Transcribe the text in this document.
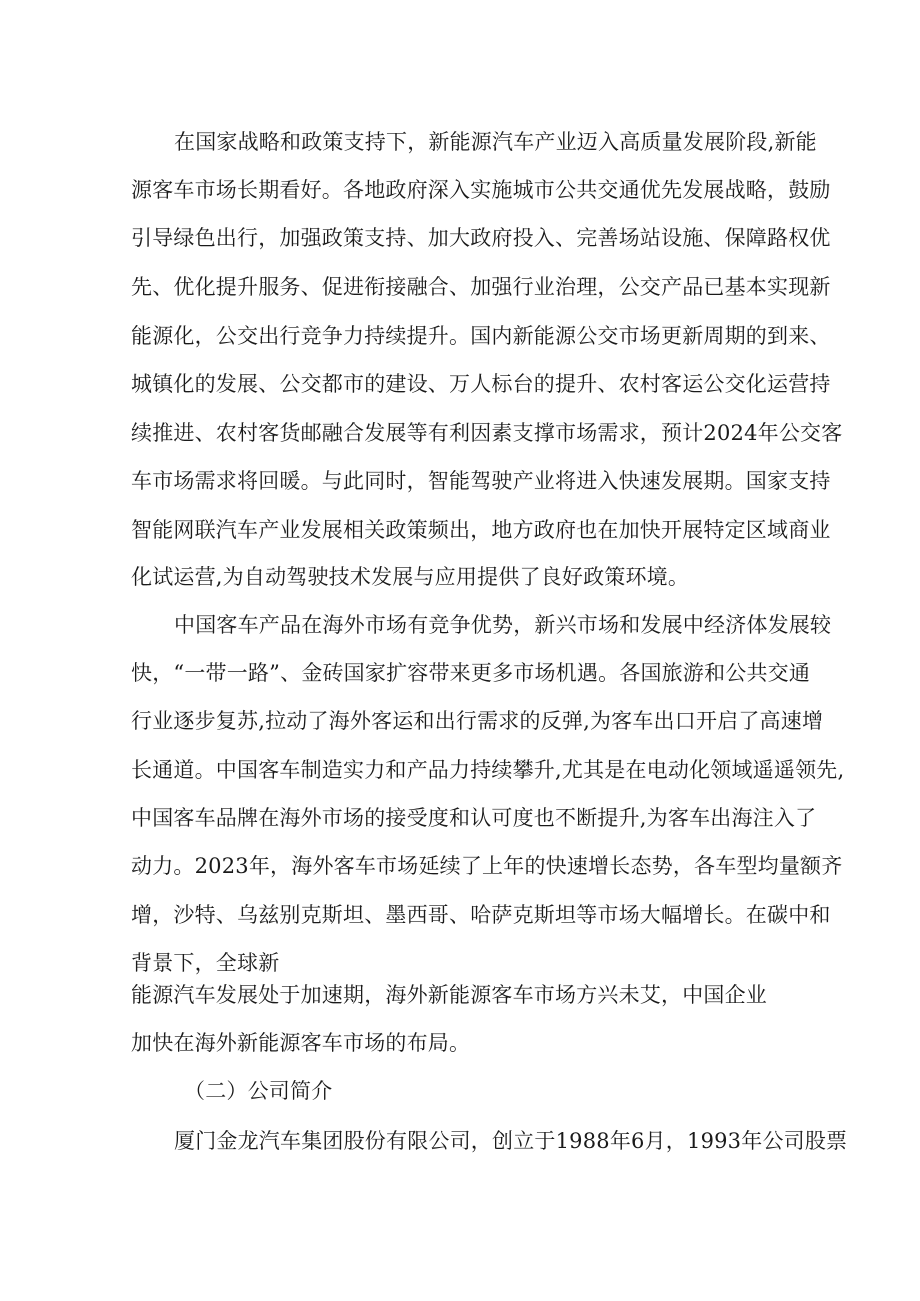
在国家战略和政策支持下，新能源汽车产业迈入高质量发展阶段,新能

源客车市场长期看好。各地政府深入实施城市公共交通优先发展战略，鼓励

引导绿色出行，加强政策支持、加大政府投入、完善场站设施、保障路权优

先、优化提升服务、促进衔接融合、加强行业治理，公交产品已基本实现新

能源化，公交出行竞争力持续提升。国内新能源公交市场更新周期的到来、

城镇化的发展、公交都市的建设、万人标台的提升、农村客运公交化运营持

续推进、农村客货邮融合发展等有利因素支撑市场需求，预计2024年公交客

车市场需求将回暖。与此同时，智能驾驶产业将进入快速发展期。国家支持

智能网联汽车产业发展相关政策频出，地方政府也在加快开展特定区域商业

化试运营,为自动驾驶技术发展与应用提供了良好政策环境。

中国客车产品在海外市场有竞争优势，新兴市场和发展中经济体发展较

快，“一带一路”、金砖国家扩容带来更多市场机遇。各国旅游和公共交通

行业逐步复苏,拉动了海外客运和出行需求的反弹,为客车出口开启了高速增

长通道。中国客车制造实力和产品力持续攀升,尤其是在电动化领域遥遥领先,

中国客车品牌在海外市场的接受度和认可度也不断提升,为客车出海注入了

动力。2023年，海外客车市场延续了上年的快速增长态势，各车型均量额齐

增，沙特、乌兹别克斯坦、墨西哥、哈萨克斯坦等市场大幅增长。在碳中和

背景下，全球新

能源汽车发展处于加速期，海外新能源客车市场方兴未艾，中国企业

加快在海外新能源客车市场的布局。

（二）公司简介

厦门金龙汽车集团股份有限公司，创立于1988年6月，1993年公司股票
